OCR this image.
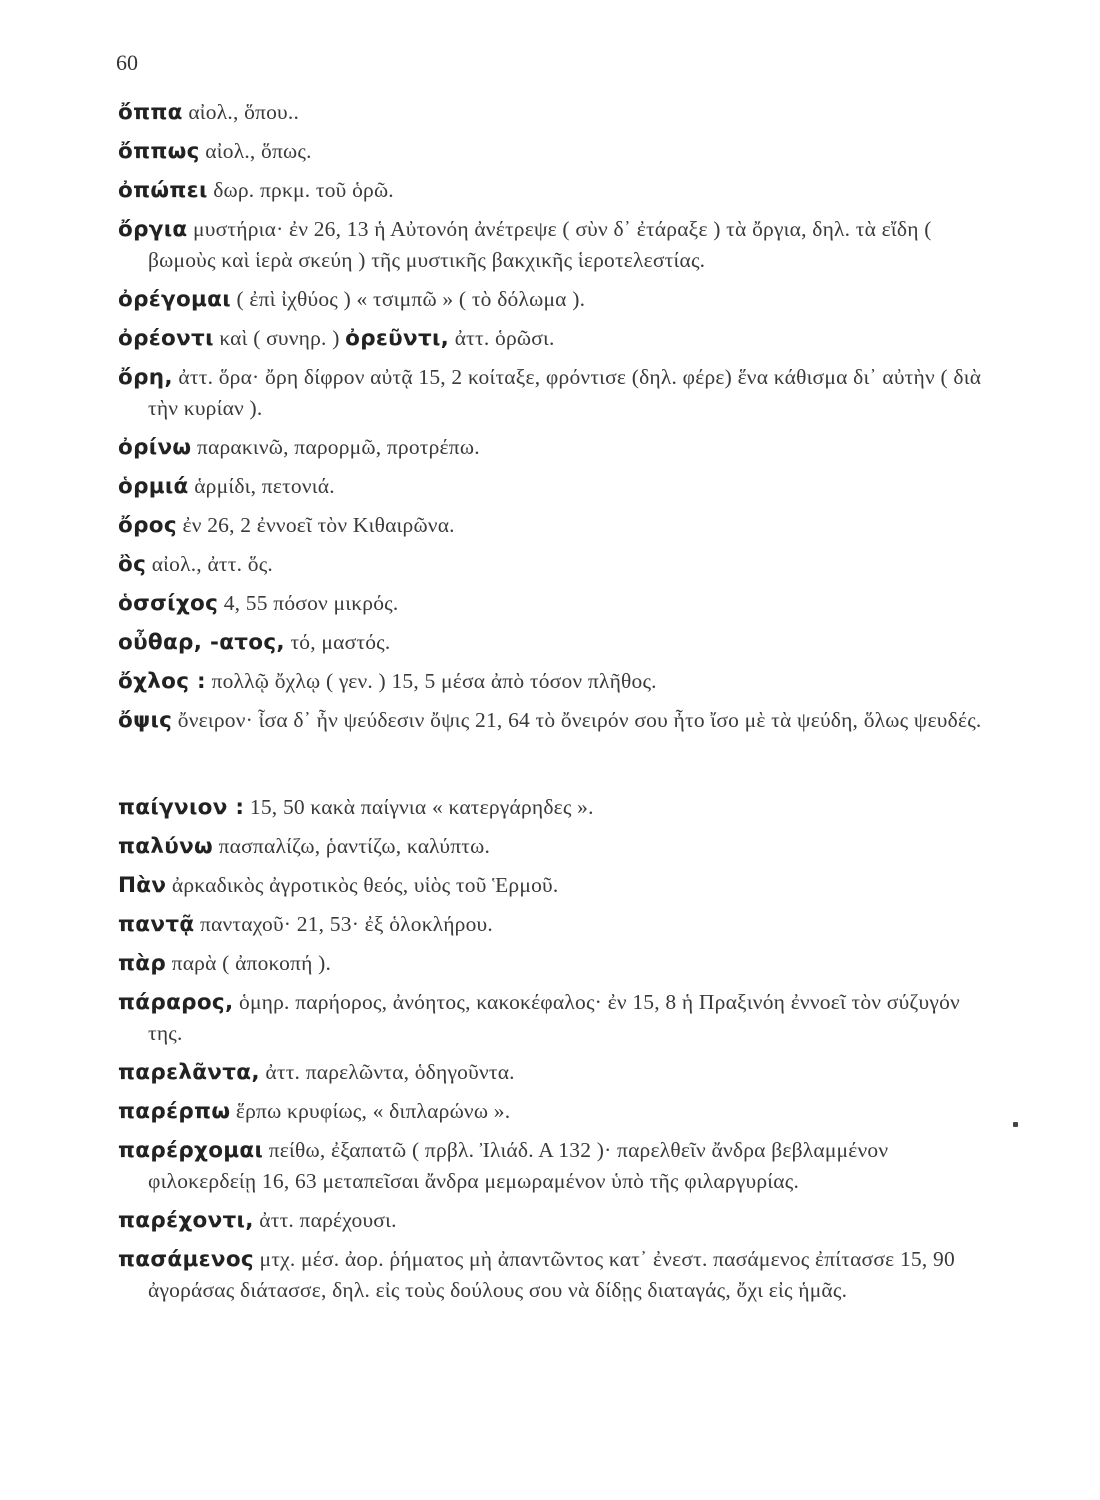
60
ὄππα αἰολ., ὅπου..
ὄππως αἰολ., ὅπως.
ὀπώπει δωρ. πρκμ. τοῦ ὁρῶ.
ὄργια μυστήρια· ἐν 26, 13 ἡ Αὐτονόη ἀνέτρεψε ( σὺν δ᾽ ἐτάραξε ) τὰ ὄργια, δηλ. τὰ εἴδη ( βωμοὺς καὶ ἱερὰ σκεύη ) τῆς μυστικῆς βακχικῆς ἱεροτελεστίας.
ὀρέγομαι ( ἐπὶ ἰχθύος ) « τσιμπῶ » ( τὸ δόλωμα ).
ὀρέοντι καὶ ( συνηρ. ) ὀρεῦντι, ἀττ. ὁρῶσι.
ὄρη, ἀττ. ὅρα· ὄρη δίφρον αὐτᾷ 15, 2 κοίταξε, φρόντισε (δηλ. φέρε) ἕνα κάθισμα δι᾽ αὐτὴν ( διὰ τὴν κυρίαν ).
ὀρίνω παρακινῶ, παρορμῶ, προτρέπω.
ὁρμιά ἁρμίδι, πετονιά.
ὄρος ἐν 26, 2 ἐννοεῖ τὸν Κιθαιρῶνα.
ὂς αἰολ., ἀττ. ὅς.
ὁσσίχος 4, 55 πόσον μικρός.
οὖθαρ, -ατος, τό, μαστός.
ὄχλος : πολλῷ ὄχλῳ ( γεν. ) 15, 5 μέσα ἀπὸ τόσον πλῆθος.
ὄψις ὄνειρον· ἶσα δ᾽ ἦν ψεύδεσιν ὄψις 21, 64 τὸ ὄνειρόν σου ἦτο ἴσο μὲ τὰ ψεύδη, ὅλως ψευδές.
παίγνιον : 15, 50 κακὰ παίγνια « κατεργάρηδες ».
παλύνω πασπαλίζω, ῥαντίζω, καλύπτω.
Πὰν ἀρκαδικὸς ἀγροτικὸς θεός, υἱὸς τοῦ Ἑρμοῦ.
παντᾷ πανταχοῦ· 21, 53· ἐξ ὁλοκλήρου.
πὰρ παρὰ ( ἀποκοπή ).
πάραρος, ὁμηρ. παρήορος, ἀνόητος, κακοκέφαλος· ἐν 15, 8 ἡ Πραξινόη ἐννοεῖ τὸν σύζυγόν της.
παρελᾶντα, ἀττ. παρελῶντα, ὁδηγοῦντα.
παρέρπω ἕρπω κρυφίως, « διπλαρώνω ».
παρέρχομαι πείθω, ἐξαπατῶ ( πρβλ. Ἰλιάδ. Α 132 )· παρελθεῖν ἄνδρα βεβλαμμένον φιλοκερδείῃ 16, 63 μεταπεῖσαι ἄνδρα μεμωραμένον ὑπὸ τῆς φιλαργυρίας.
παρέχοντι, ἀττ. παρέχουσι.
πασάμενος μτχ. μέσ. ἀορ. ῥήματος μὴ ἀπαντῶντος κατ᾽ ἐνεστ. πασάμενος ἐπίτασσε 15, 90 ἀγοράσας διάτασσε, δηλ. εἰς τοὺς δούλους σου νὰ δίδῃς διαταγάς, ὄχι εἰς ἡμᾶς.
